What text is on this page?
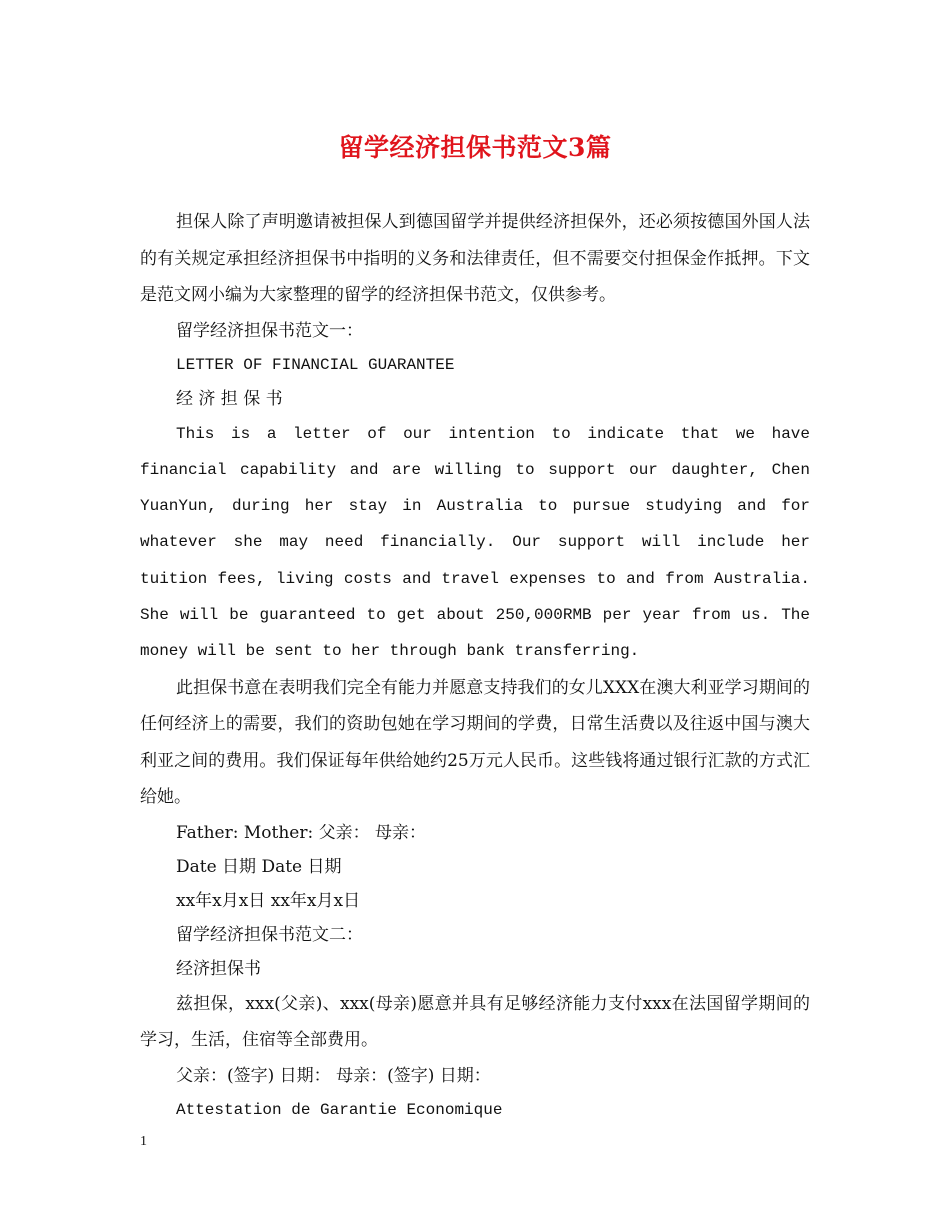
留学经济担保书范文3篇

担保人除了声明邀请被担保人到德国留学并提供经济担保外，还必须按德国外国人法的有关规定承担经济担保书中指明的义务和法律责任，但不需要交付担保金作抵押。下文是范文网小编为大家整理的留学的经济担保书范文，仅供参考。

留学经济担保书范文一：

LETTER OF FINANCIAL GUARANTEE

经 济 担 保 书

This is a letter of our intention to indicate that we have financial capability and are willing to support our daughter, Chen YuanYun, during her stay in Australia to pursue studying and for whatever she may need financially. Our support will include her tuition fees, living costs and travel expenses to and from Australia. She will be guaranteed to get about 250,000RMB per year from us. The money will be sent to her through bank transferring.

此担保书意在表明我们完全有能力并愿意支持我们的女儿XXX在澳大利亚学习期间的任何经济上的需要，我们的资助包她在学习期间的学费，日常生活费以及往返中国与澳大利亚之间的费用。我们保证每年供给她约25万元人民币。这些钱将通过银行汇款的方式汇给她。

Father: Mother: 父亲： 母亲：

Date 日期 Date 日期

xx年x月x日 xx年x月x日

留学经济担保书范文二：

经济担保书

兹担保，xxx(父亲)、xxx(母亲)愿意并具有足够经济能力支付xxx在法国留学期间的学习，生活，住宿等全部费用。

父亲：(签字) 日期： 母亲：(签字) 日期：

Attestation de Garantie Economique

1
